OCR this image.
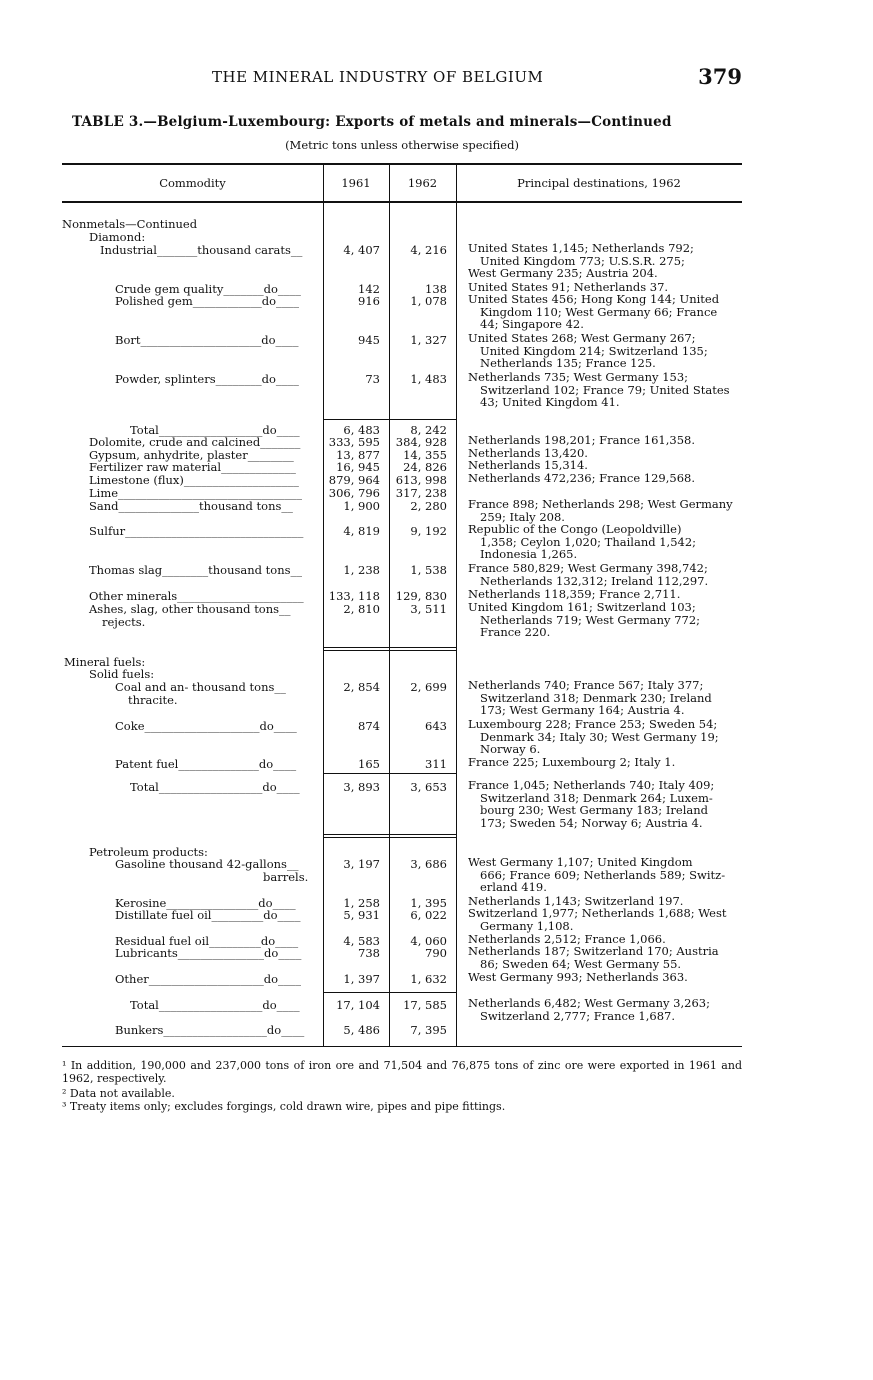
THE MINERAL INDUSTRY OF BELGIUM	379
TABLE 3.—Belgium-Luxembourg: Exports of metals and minerals—Continued
(Metric tons unless otherwise specified)
Commodity	1961	1962	Principal destinations, 1962
Nonmetals—Continued
Diamond:
Industrial_______thousand carats__	4, 407	4, 216 United States 1,145; Netherlands 792;
United Kingdom 773; U.S.S.R. 275;
West Germany 235; Austria 204.
Crude gem quality_______do____	142	138 United States 91; Netherlands 37.
Polished gem____________do____	916	1, 078 United States 456; Hong Kong 144; United
Kingdom 110; West Germany 66; France
44; Singapore 42.
Bort_____________________do____	945	1, 327 United States 268; West Germany 267;
United Kingdom 214; Switzerland 135;
Netherlands 135; France 125.
Powder, splinters________do____	73	1, 483 Netherlands 735; West Germany 153;
Switzerland 102; France 79; United States
43; United Kingdom 41.
Total__________________do____	6, 483	8, 242
Dolomite, crude and calcined_______	333, 595	384, 928 Netherlands 198,201; France 161,358.
Gypsum, anhydrite, plaster________	13, 877	14, 355 Netherlands 13,420.
Fertilizer raw material_____________	16, 945	24, 826 Netherlands 15,314.
Limestone (flux)____________________	879, 964	613, 998 Netherlands 472,236; France 129,568.
Lime________________________________	306, 796	317, 238
Sand______________thousand tons__	1, 900	2, 280 France 898; Netherlands 298; West Germany
259; Italy 208.
Sulfur_______________________________	4, 819	9, 192 Republic of the Congo (Leopoldville)
1,358; Ceylon 1,020; Thailand 1,542;
Indonesia 1,265.
Thomas slag________thousand tons__	1, 238	1, 538 France 580,829; West Germany 398,742;
Netherlands 132,312; Ireland 112,297.
Other minerals______________________	133, 118	129, 830 Netherlands 118,359; France 2,711.
Ashes, slag, other thousand tons__
rejects.
2, 810	3, 511 United Kingdom 161; Switzerland 103;
Netherlands 719; West Germany 772;
France 220.
Mineral fuels:
Solid fuels:
Coal and an- thousand tons__
thracite.
2, 854	2, 699 Netherlands 740; France 567; Italy 377;
Switzerland 318; Denmark 230; Ireland
173; West Germany 164; Austria 4.
Coke____________________do____	874	643 Luxembourg 228; France 253; Sweden 54;
Denmark 34; Italy 30; West Germany 19;
Norway 6.
Patent fuel______________do____	165	311 France 225; Luxembourg 2; Italy 1.
Total__________________do____	3, 893	3, 653 France 1,045; Netherlands 740; Italy 409;
Switzerland 318; Denmark 264; Luxem-
bourg 230; West Germany 183; Ireland
173; Sweden 54; Norway 6; Austria 4.
Petroleum products:
Gasoline thousand 42-gallons__
barrels.
3, 197	3, 686 West Germany 1,107; United Kingdom
666; France 609; Netherlands 589; Switz-
erland 419.
Kerosine________________do____	1, 258	1, 395 Netherlands 1,143; Switzerland 197.
Distillate fuel oil_________do____	5, 931	6, 022 Switzerland 1,977; Netherlands 1,688; West
Germany 1,108.
Residual fuel oil_________do____	4, 583	4, 060 Netherlands 2,512; France 1,066.
Lubricants_______________do____	738	790 Netherlands 187; Switzerland 170; Austria
86; Sweden 64; West Germany 55.
Other____________________do____	1, 397	1, 632 West Germany 993; Netherlands 363.
Total__________________do____	17, 104	17, 585 Netherlands 6,482; West Germany 3,263;
Switzerland 2,777; France 1,687.
Bunkers__________________do____	5, 486	7, 395
¹ In addition, 190,000 and 237,000 tons of iron ore and 71,504 and 76,875 tons of zinc ore were exported in 1961 and 1962, respectively.
² Data not available.
³ Treaty items only; excludes forgings, cold drawn wire, pipes and pipe fittings.
